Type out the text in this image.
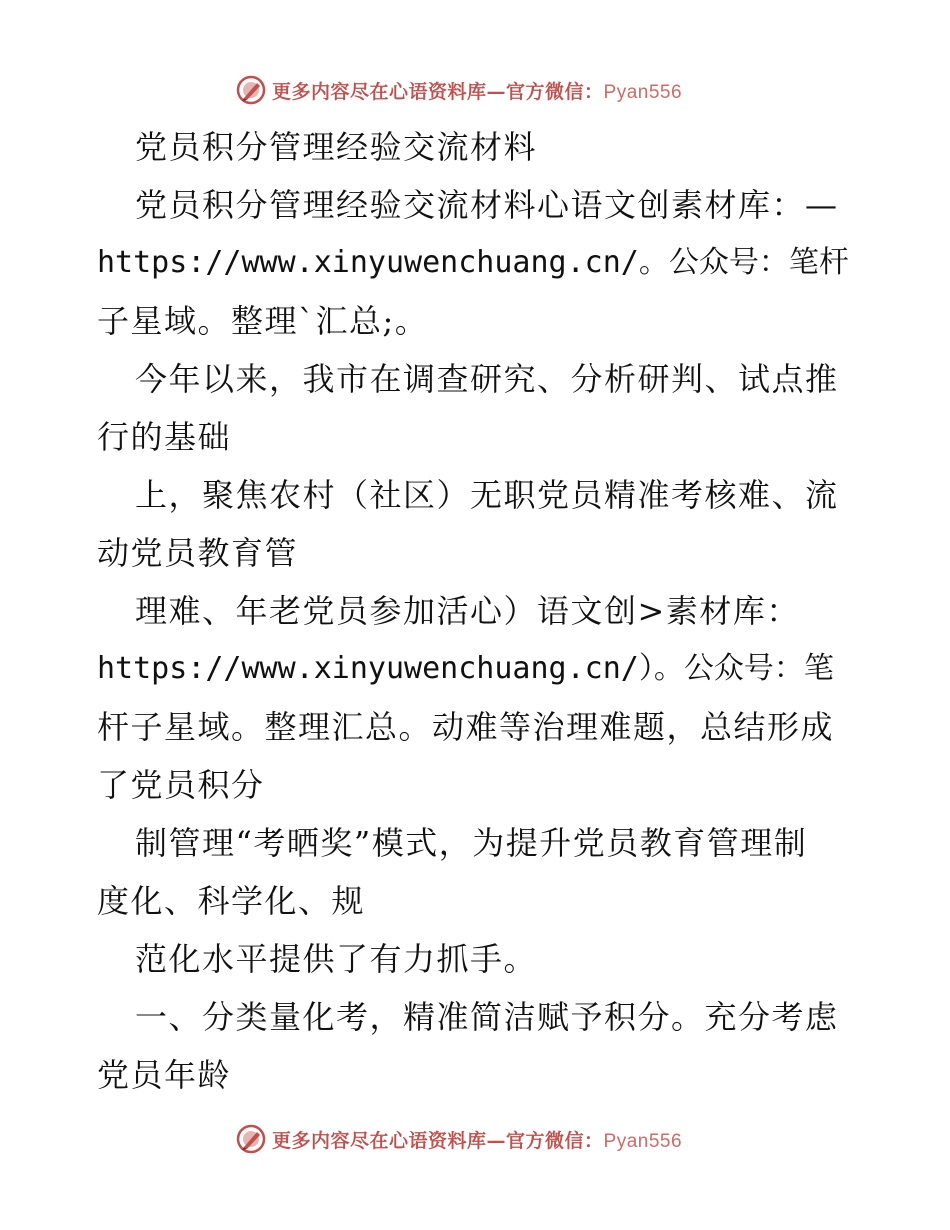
更多内容尽在心语资料库—官方微信：Pyan556
党员积分管理经验交流材料
党员积分管理经验交流材料心语文创素材库：—
https://www.xinyuwenchuang.cn/。公众号：笔杆
子星域。整理`汇总;。
今年以来，我市在调查研究、分析研判、试点推
行的基础
上，聚焦农村（社区）无职党员精准考核难、流
动党员教育管
理难、年老党员参加活心）语文创>素材库：
https://www.xinyuwenchuang.cn/）。公众号：笔
杆子星域。整理汇总。动难等治理难题，总结形成
了党员积分
制管理“考晒奖”模式，为提升党员教育管理制
度化、科学化、规
范化水平提供了有力抓手。
一、分类量化考，精准简洁赋予积分。充分考虑
党员年龄
更多内容尽在心语资料库—官方微信：Pyan556
